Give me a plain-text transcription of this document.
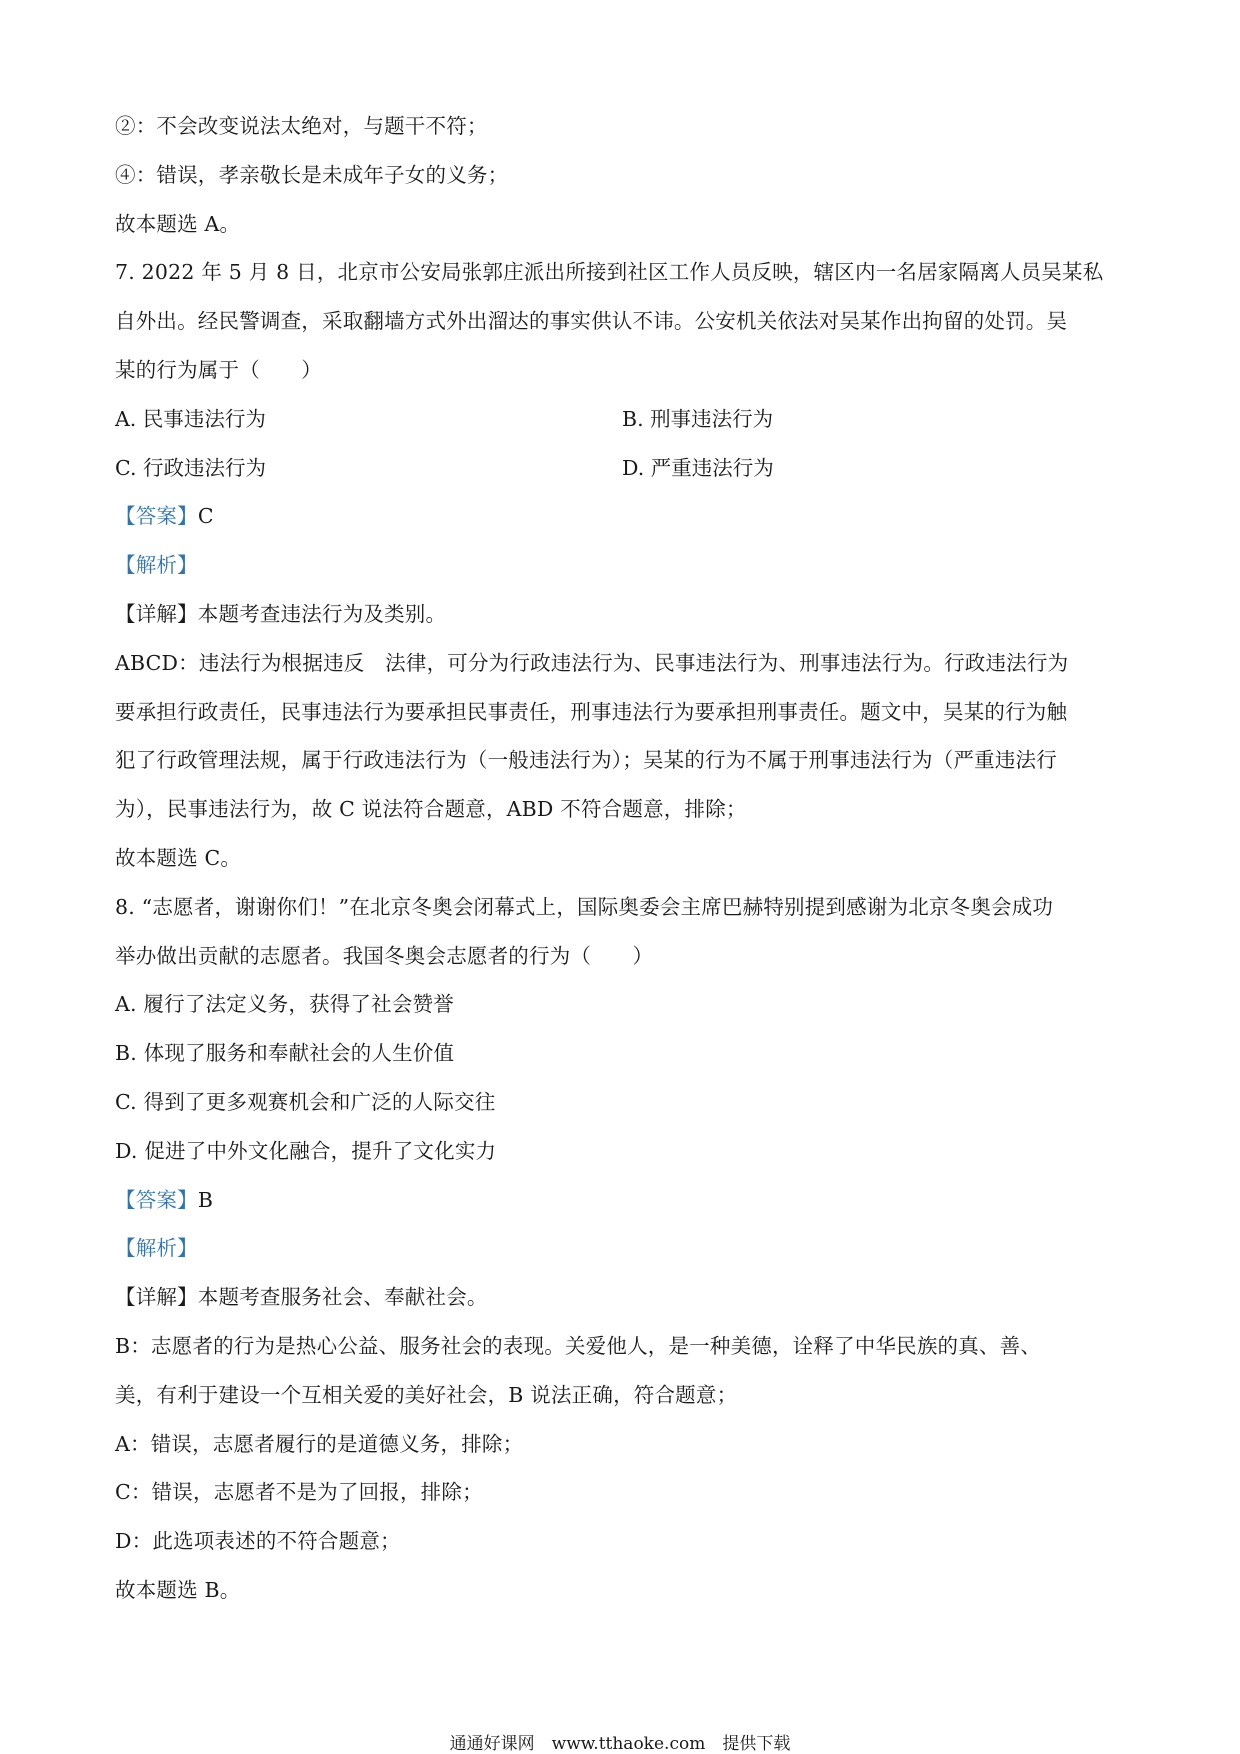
②：不会改变说法太绝对，与题干不符；
④：错误，孝亲敬长是未成年子女的义务；
故本题选 A。
7. 2022 年 5 月 8 日，北京市公安局张郭庄派出所接到社区工作人员反映，辖区内一名居家隔离人员吴某私
自外出。经民警调查，采取翻墙方式外出溜达的事实供认不讳。公安机关依法对吴某作出拘留的处罚。吴
某的行为属于（　　）
A. 民事违法行为	B. 刑事违法行为
C. 行政违法行为	D. 严重违法行为
【答案】C
【解析】
【详解】本题考查违法行为及类别。
ABCD：违法行为根据违反　法律，可分为行政违法行为、民事违法行为、刑事违法行为。行政违法行为
要承担行政责任，民事违法行为要承担民事责任，刑事违法行为要承担刑事责任。题文中，吴某的行为触
犯了行政管理法规，属于行政违法行为（一般违法行为）；吴某的行为不属于刑事违法行为（严重违法行
为），民事违法行为，故 C 说法符合题意，ABD 不符合题意，排除；
故本题选 C。
8. “志愿者，谢谢你们！”在北京冬奥会闭幕式上，国际奥委会主席巴赫特别提到感谢为北京冬奥会成功
举办做出贡献的志愿者。我国冬奥会志愿者的行为（　　）
A. 履行了法定义务，获得了社会赞誉
B. 体现了服务和奉献社会的人生价值
C. 得到了更多观赛机会和广泛的人际交往
D. 促进了中外文化融合，提升了文化实力
【答案】B
【解析】
【详解】本题考查服务社会、奉献社会。
B：志愿者的行为是热心公益、服务社会的表现。关爱他人，是一种美德，诠释了中华民族的真、善、
美，有利于建设一个互相关爱的美好社会，B 说法正确，符合题意；
A：错误，志愿者履行的是道德义务，排除；
C：错误，志愿者不是为了回报，排除；
D：此选项表述的不符合题意；
故本题选 B。
通通好课网　www.tthaoke.com　提供下载
